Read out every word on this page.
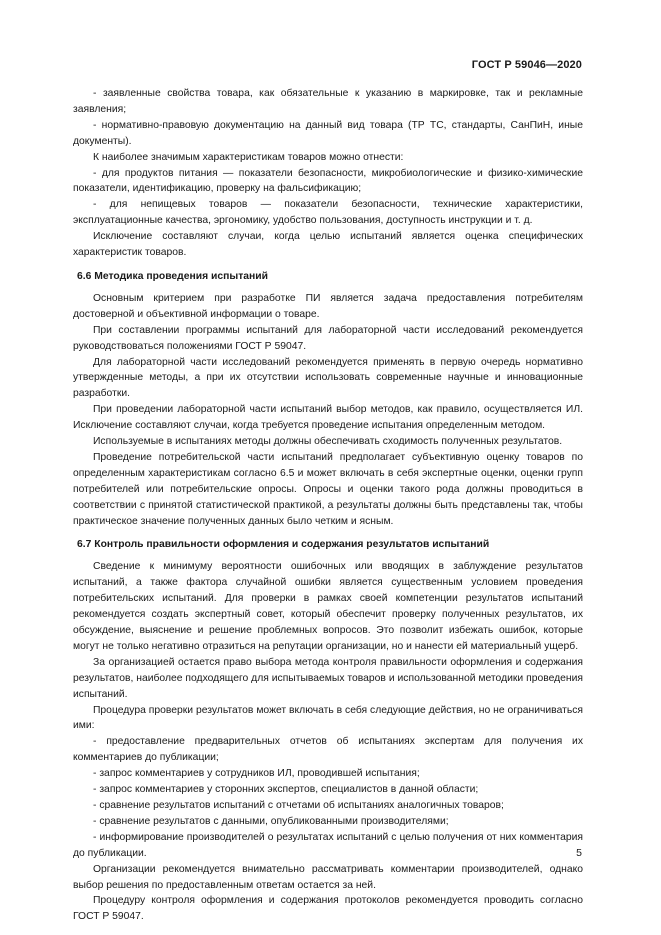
ГОСТ Р 59046—2020

- заявленные свойства товара, как обязательные к указанию в маркировке, так и рекламные заявления;

- нормативно-правовую документацию на данный вид товара (ТР ТС, стандарты, СанПиН, иные документы).

К наиболее значимым характеристикам товаров можно отнести:

- для продуктов питания — показатели безопасности, микробиологические и физико-химические показатели, идентификацию, проверку на фальсификацию;

- для непищевых товаров — показатели безопасности, технические характеристики, эксплуатационные качества, эргономику, удобство пользования, доступность инструкции и т. д.

Исключение составляют случаи, когда целью испытаний является оценка специфических характеристик товаров.

6.6 Методика проведения испытаний

Основным критерием при разработке ПИ является задача предоставления потребителям достоверной и объективной информации о товаре.

При составлении программы испытаний для лабораторной части исследований рекомендуется руководствоваться положениями ГОСТ Р 59047.

Для лабораторной части исследований рекомендуется применять в первую очередь нормативно утвержденные методы, а при их отсутствии использовать современные научные и инновационные разработки.

При проведении лабораторной части испытаний выбор методов, как правило, осуществляется ИЛ. Исключение составляют случаи, когда требуется проведение испытания определенным методом.

Используемые в испытаниях методы должны обеспечивать сходимость полученных результатов.

Проведение потребительской части испытаний предполагает субъективную оценку товаров по определенным характеристикам согласно 6.5 и может включать в себя экспертные оценки, оценки групп потребителей или потребительские опросы. Опросы и оценки такого рода должны проводиться в соответствии с принятой статистической практикой, а результаты должны быть представлены так, чтобы практическое значение полученных данных было четким и ясным.

6.7 Контроль правильности оформления и содержания результатов испытаний

Сведение к минимуму вероятности ошибочных или вводящих в заблуждение результатов испытаний, а также фактора случайной ошибки является существенным условием проведения потребительских испытаний. Для проверки в рамках своей компетенции результатов испытаний рекомендуется создать экспертный совет, который обеспечит проверку полученных результатов, их обсуждение, выяснение и решение проблемных вопросов. Это позволит избежать ошибок, которые могут не только негативно отразиться на репутации организации, но и нанести ей материальный ущерб.

За организацией остается право выбора метода контроля правильности оформления и содержания результатов, наиболее подходящего для испытываемых товаров и использованной методики проведения испытаний.

Процедура проверки результатов может включать в себя следующие действия, но не ограничиваться ими:

- предоставление предварительных отчетов об испытаниях экспертам для получения их комментариев до публикации;

- запрос комментариев у сотрудников ИЛ, проводившей испытания;

- запрос комментариев у сторонних экспертов, специалистов в данной области;

- сравнение результатов испытаний с отчетами об испытаниях аналогичных товаров;

- сравнение результатов с данными, опубликованными производителями;

- информирование производителей о результатах испытаний с целью получения от них комментария до публикации.

Организации рекомендуется внимательно рассматривать комментарии производителей, однако выбор решения по предоставленным ответам остается за ней.

Процедуру контроля оформления и содержания протоколов рекомендуется проводить согласно ГОСТ Р 59047.

5
